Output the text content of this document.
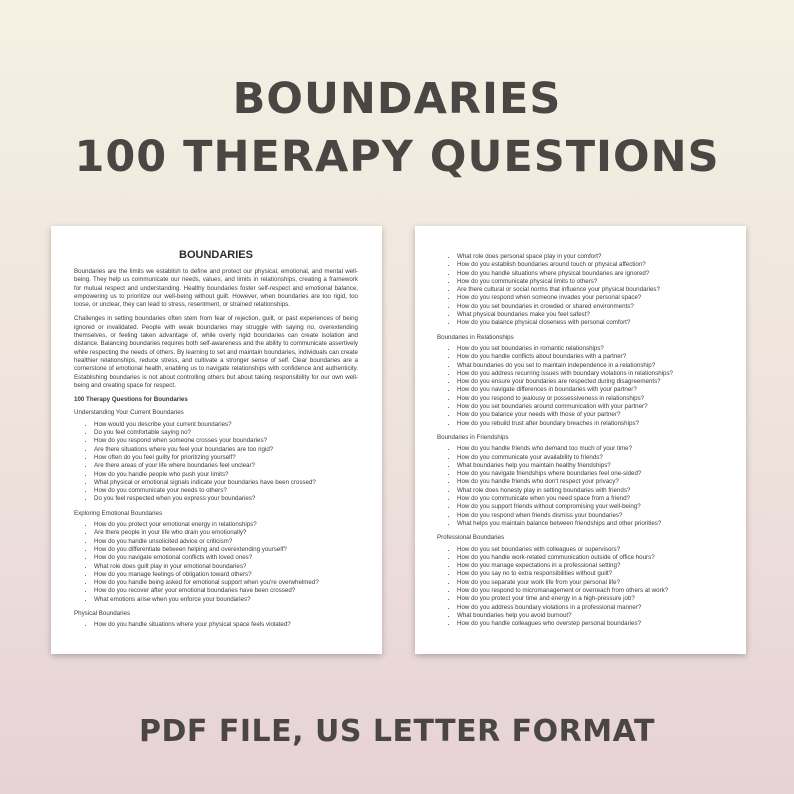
BOUNDARIES
100 THERAPY QUESTIONS
BOUNDARIES

Boundaries are the limits we establish to define and protect our physical, emotional, and mental well-being. They help us communicate our needs, values, and limits in relationships, creating a framework for mutual respect and understanding. Healthy boundaries foster self-respect and emotional balance, empowering us to prioritize our well-being without guilt. However, when boundaries are too rigid, too loose, or unclear, they can lead to stress, resentment, or strained relationships.

Challenges in setting boundaries often stem from fear of rejection, guilt, or past experiences of being ignored or invalidated. People with weak boundaries may struggle with saying no, overextending themselves, or feeling taken advantage of, while overly rigid boundaries can create isolation and distance. Balancing boundaries requires both self-awareness and the ability to communicate assertively while respecting the needs of others. By learning to set and maintain boundaries, individuals can create healthier relationships, reduce stress, and cultivate a stronger sense of self. Clear boundaries are a cornerstone of emotional health, enabling us to navigate relationships with confidence and authenticity. Establishing boundaries is not about controlling others but about taking responsibility for our own well-being and creating space for respect.

100 Therapy Questions for Boundaries
Understanding Your Current Boundaries
• How would you describe your current boundaries?
• Do you feel comfortable saying no?
• How do you respond when someone crosses your boundaries?
• Are there situations where you feel your boundaries are too rigid?
• How often do you feel guilty for prioritizing yourself?
• Are there areas of your life where boundaries feel unclear?
• How do you handle people who push your limits?
• What physical or emotional signals indicate your boundaries have been crossed?
• How do you communicate your needs to others?
• Do you feel respected when you express your boundaries?
Exploring Emotional Boundaries
• How do you protect your emotional energy in relationships?
• Are there people in your life who drain you emotionally?
• How do you handle unsolicited advice or criticism?
• How do you differentiate between helping and overextending yourself?
• How do you navigate emotional conflicts with loved ones?
• What role does guilt play in your emotional boundaries?
• How do you manage feelings of obligation toward others?
• How do you handle being asked for emotional support when you're overwhelmed?
• How do you recover after your emotional boundaries have been crossed?
• What emotions arise when you enforce your boundaries?
Physical Boundaries
• How do you handle situations where your physical space feels violated?
• What role does personal space play in your comfort?
• How do you establish boundaries around touch or physical affection?
• How do you handle situations where physical boundaries are ignored?
• How do you communicate physical limits to others?
• Are there cultural or social norms that influence your physical boundaries?
• How do you respond when someone invades your personal space?
• How do you set boundaries in crowded or shared environments?
• What physical boundaries make you feel safest?
• How do you balance physical closeness with personal comfort?
Boundaries in Relationships
• How do you set boundaries in romantic relationships?
• How do you handle conflicts about boundaries with a partner?
• What boundaries do you set to maintain independence in a relationship?
• How do you address recurring issues with boundary violations in relationships?
• How do you ensure your boundaries are respected during disagreements?
• How do you navigate differences in boundaries with your partner?
• How do you respond to jealousy or possessiveness in relationships?
• How do you set boundaries around communication with your partner?
• How do you balance your needs with those of your partner?
• How do you rebuild trust after boundary breaches in relationships?
Boundaries in Friendships
• How do you handle friends who demand too much of your time?
• How do you communicate your availability to friends?
• What boundaries help you maintain healthy friendships?
• How do you navigate friendships where boundaries feel one-sided?
• How do you handle friends who don't respect your privacy?
• What role does honesty play in setting boundaries with friends?
• How do you communicate when you need space from a friend?
• How do you support friends without compromising your well-being?
• How do you respond when friends dismiss your boundaries?
• What helps you maintain balance between friendships and other priorities?
Professional Boundaries
• How do you set boundaries with colleagues or supervisors?
• How do you handle work-related communication outside of office hours?
• How do you manage expectations in a professional setting?
• How do you say no to extra responsibilities without guilt?
• How do you separate your work life from your personal life?
• How do you respond to micromanagement or overreach from others at work?
• How do you protect your time and energy in a high-pressure job?
• How do you address boundary violations in a professional manner?
• What boundaries help you avoid burnout?
• How do you handle colleagues who overstep personal boundaries?
PDF FILE, US LETTER FORMAT
